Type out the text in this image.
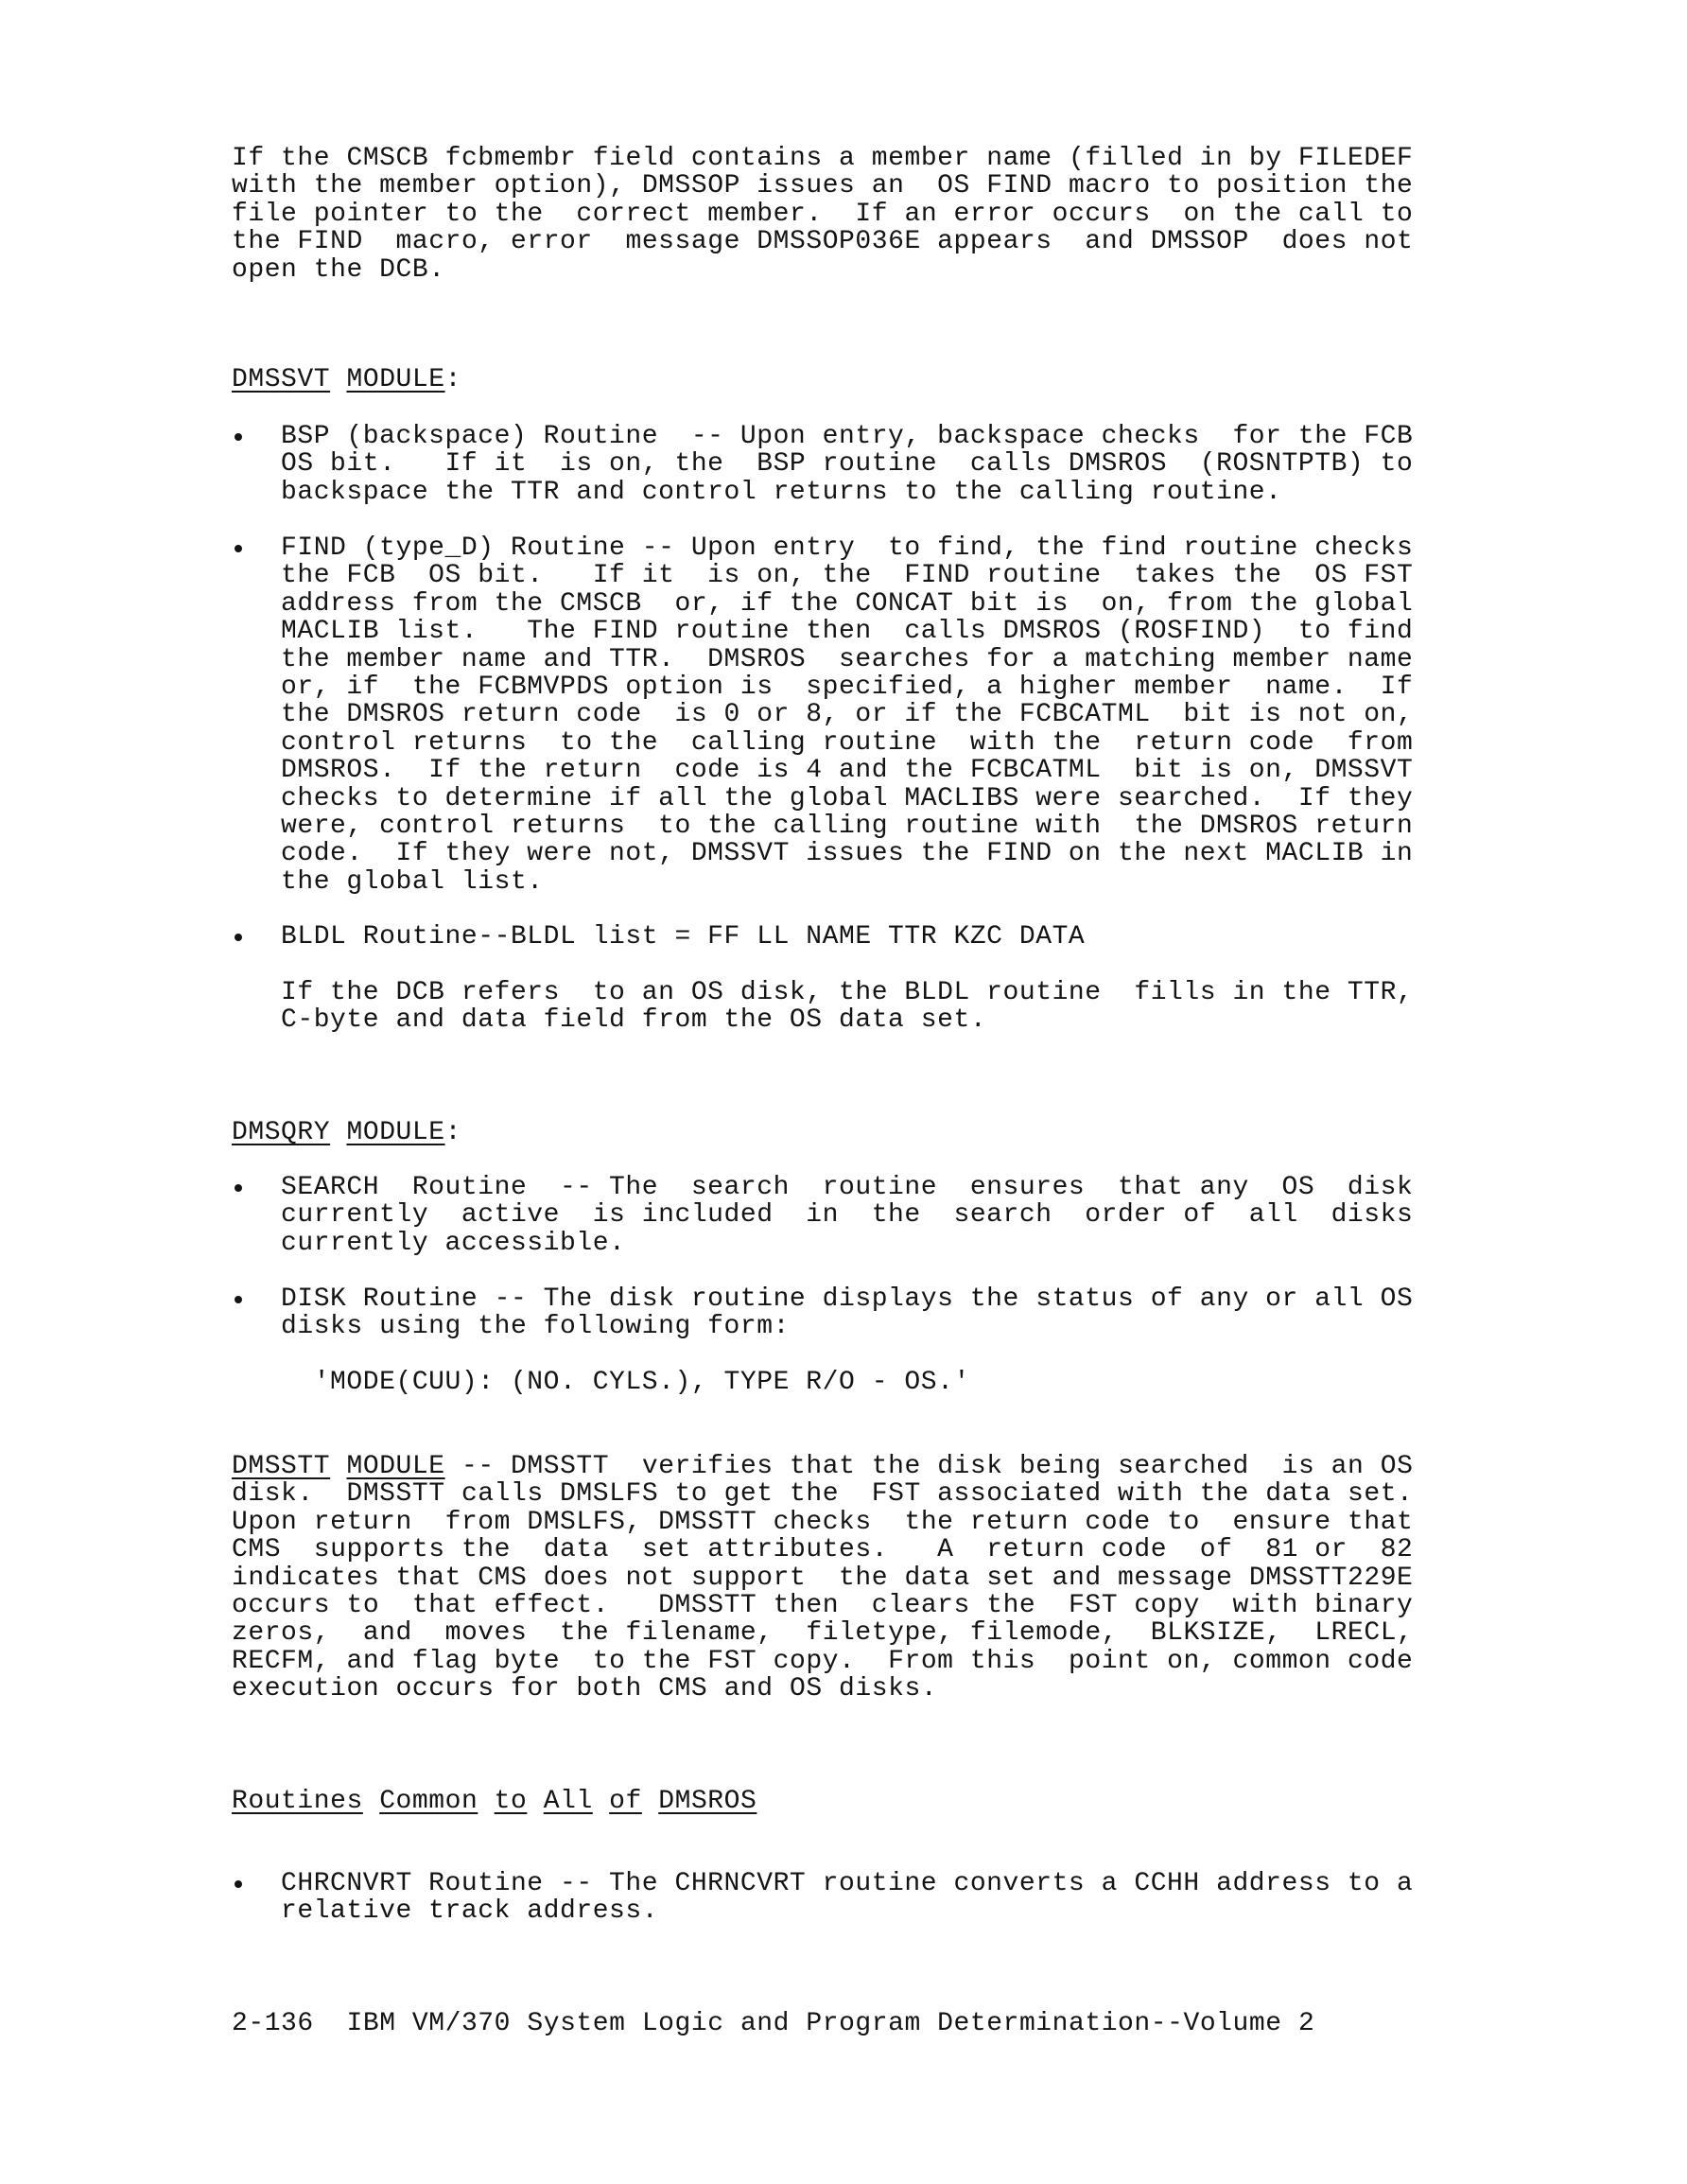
If the CMSCB fcbmembr field contains a member name (filled in by FILEDEF
with the member option), DMSSOP issues an  OS FIND macro to position the
file pointer to the  correct member.  If an error occurs  on the call to
the FIND  macro, error  message DMSSOP036E appears  and DMSSOP  does not
open the DCB.
DMSSVT MODULE:
BSP (backspace) Routine  -- Upon entry, backspace checks  for the FCB
OS bit.   If it  is on, the  BSP routine  calls DMSROS  (ROSNTPTB) to
backspace the TTR and control returns to the calling routine.
FIND (type_D) Routine -- Upon entry  to find, the find routine checks
the FCB  OS bit.   If it  is on, the  FIND routine  takes the  OS FST
address from the CMSCB  or, if the CONCAT bit is  on, from the global
MACLIB list.   The FIND routine then  calls DMSROS (ROSFIND)  to find
the member name and TTR.  DMSROS  searches for a matching member name
or, if  the FCBMVPDS option is  specified, a higher member  name.  If
the DMSROS return code  is 0 or 8, or if the FCBCATML  bit is not on,
control returns  to the  calling routine  with the  return code  from
DMSROS.  If the return  code is 4 and the FCBCATML  bit is on, DMSSVT
checks to determine if all the global MACLIBS were searched.  If they
were, control returns  to the calling routine with  the DMSROS return
code.  If they were not, DMSSVT issues the FIND on the next MACLIB in
the global list.
BLDL Routine--BLDL list = FF LL NAME TTR KZC DATA

If the DCB refers  to an OS disk, the BLDL routine  fills in the TTR,
C-byte and data field from the OS data set.
DMSQRY MODULE:
SEARCH  Routine  -- The  search  routine  ensures  that any  OS  disk
currently  active  is included  in  the  search  order of  all  disks
currently accessible.
DISK Routine -- The disk routine displays the status of any or all OS
disks using the following form:

'MODE(CUU): (NO. CYLS.), TYPE R/O - OS.'
DMSSTT MODULE -- DMSSTT  verifies that the disk being searched  is an OS
disk.  DMSSTT calls DMSLFS to get the  FST associated with the data set.
Upon return  from DMSLFS, DMSSTT checks  the return code to  ensure that
CMS  supports the  data  set attributes.   A  return code  of  81 or  82
indicates that CMS does not support  the data set and message DMSSTT229E
occurs to  that effect.   DMSSTT then  clears the  FST copy  with binary
zeros,  and  moves  the filename,  filetype, filemode,  BLKSIZE,  LRECL,
RECFM, and flag byte  to the FST copy.  From this  point on, common code
execution occurs for both CMS and OS disks.
Routines Common to All of DMSROS
CHRCNVRT Routine -- The CHRNCVRT routine converts a CCHH address to a
relative track address.
2-136 IBM VM/370 System Logic and Program Determination--Volume 2
